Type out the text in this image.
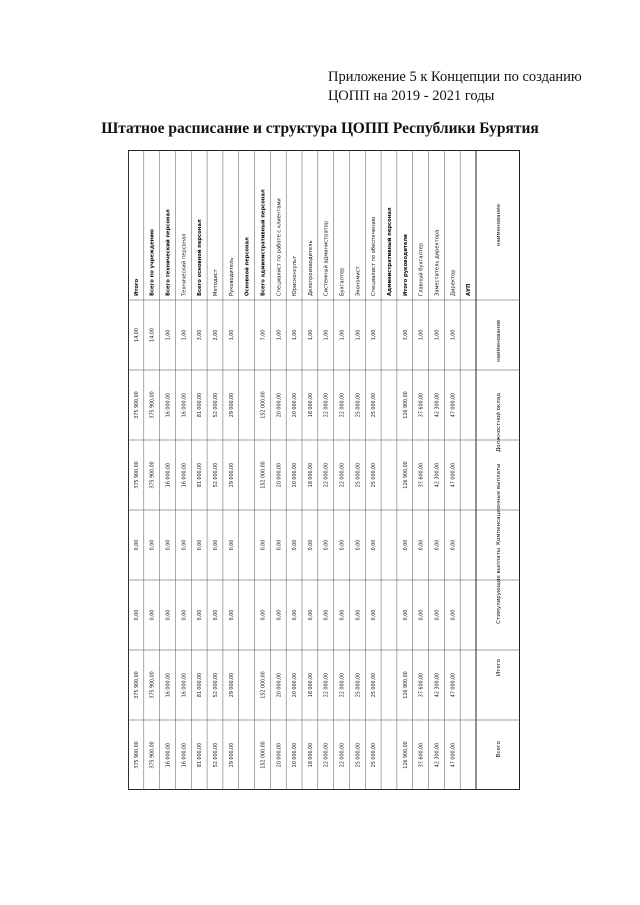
Приложение 5 к Концепции по созданию
ЦОПП на 2019 - 2021 годы
Штатное расписание и структура ЦОПП Республики Бурятия
наименование
Должностной оклад
Компенсационные выплаты
Стимулирующие выплаты
Итого
Всего
наименование
АУП
Директор
1,00
47 000,00
47 000,00
0,00
0,00
47 000,00
47 000,00
Заместитель директора
1,00
42 300,00
42 300,00
0,00
0,00
42 300,00
42 300,00
Главный бухгалтер
1,00
37 600,00
37 600,00
0,00
0,00
37 600,00
37 600,00
Итого руководители
3,00
126 900,00
126 900,00
0,00
0,00
126 900,00
126 900,00
Административный персонал
Специалист по обеспечению
1,00
25 000,00
25 000,00
0,00
0,00
25 000,00
25 000,00
Экономист
1,00
25 000,00
25 000,00
0,00
0,00
25 000,00
25 000,00
Бухгалтер
1,00
22 000,00
22 000,00
0,00
0,00
22 000,00
22 000,00
Системный администратор
1,00
22 000,00
22 000,00
0,00
0,00
22 000,00
22 000,00
Делопроизводитель
1,00
18 000,00
18 000,00
0,00
0,00
18 000,00
18 000,00
Юрисконсульт
1,00
20 000,00
20 000,00
0,00
0,00
20 000,00
20 000,00
Специалист по работе с клиентами
1,00
20 000,00
20 000,00
0,00
0,00
20 000,00
20 000,00
Всего административный персонал
7,00
152 000,00
152 000,00
0,00
0,00
152 000,00
152 000,00
Основной персонал
Руководитель
1,00
29 000,00
29 000,00
0,00
0,00
29 000,00
29 000,00
Методист
2,00
52 000,00
52 000,00
0,00
0,00
52 000,00
52 000,00
Всего основной персонал
3,00
81 000,00
81 000,00
0,00
0,00
81 000,00
81 000,00
Технический персонал
1,00
16 000,00
16 000,00
0,00
0,00
16 000,00
16 000,00
Всего технический персонал
1,00
16 000,00
16 000,00
0,00
0,00
16 000,00
16 000,00
Всего по учреждению
14,00
375 900,00
375 900,00
0,00
0,00
375 900,00
375 900,00
Итого
14,00
375 900,00
375 900,00
0,00
0,00
375 900,00
375 900,00
